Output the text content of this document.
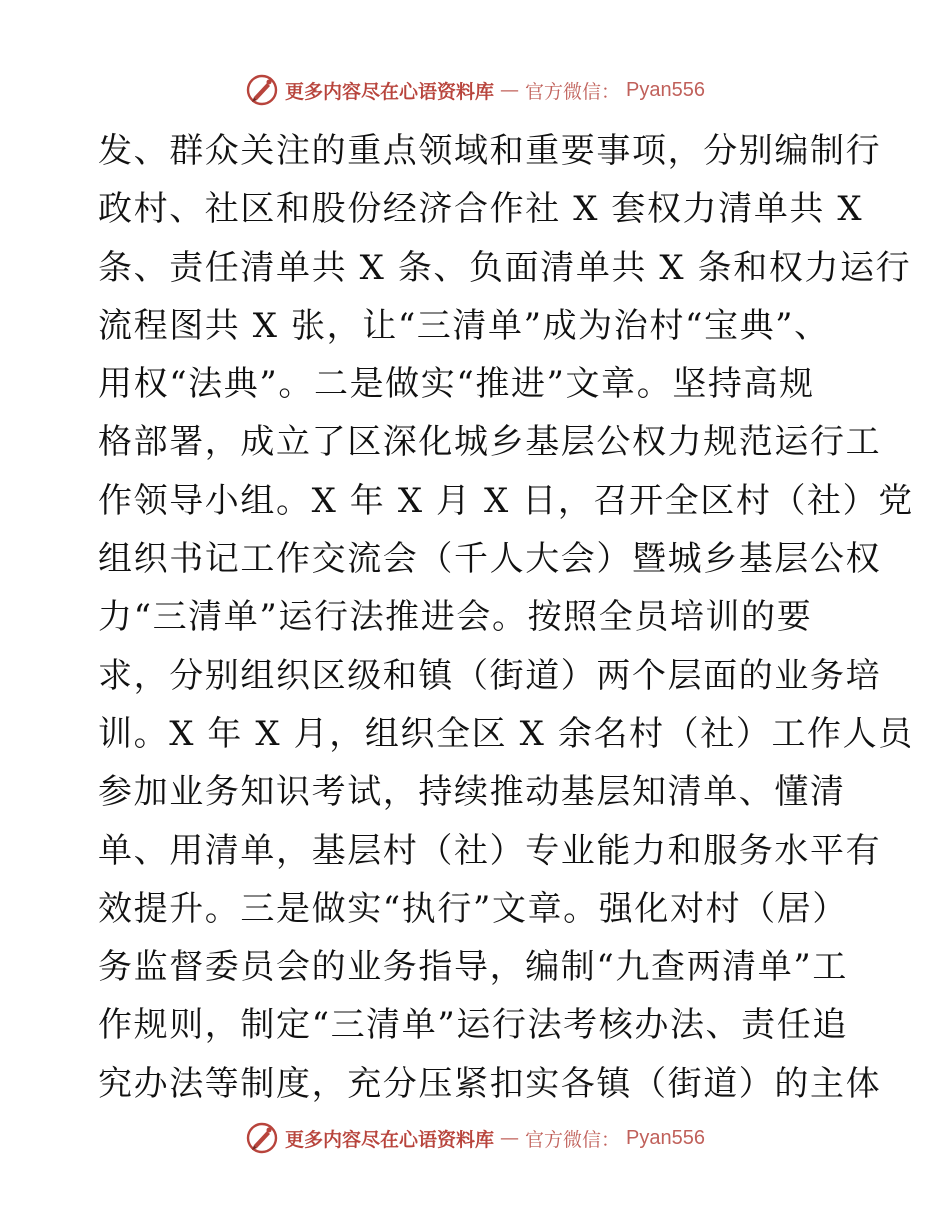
更多内容尽在心语资料库 — 官方微信： Pyan556
发、群众关注的重点领域和重要事项，分别编制行
政村、社区和股份经济合作社 X 套权力清单共 X
条、责任清单共 X 条、负面清单共 X 条和权力运行
流程图共 X 张，让“三清单”成为治村“宝典”、
用权“法典”。二是做实“推进”文章。坚持高规
格部署，成立了区深化城乡基层公权力规范运行工
作领导小组。X 年 X 月 X 日，召开全区村（社）党
组织书记工作交流会（千人大会）暨城乡基层公权
力“三清单”运行法推进会。按照全员培训的要
求，分别组织区级和镇（街道）两个层面的业务培
训。X 年 X 月，组织全区 X 余名村（社）工作人员
参加业务知识考试，持续推动基层知清单、懂清
单、用清单，基层村（社）专业能力和服务水平有
效提升。三是做实“执行”文章。强化对村（居）
务监督委员会的业务指导，编制“九查两清单”工
作规则，制定“三清单”运行法考核办法、责任追
究办法等制度，充分压紧扣实各镇（街道）的主体
更多内容尽在心语资料库 — 官方微信： Pyan556
